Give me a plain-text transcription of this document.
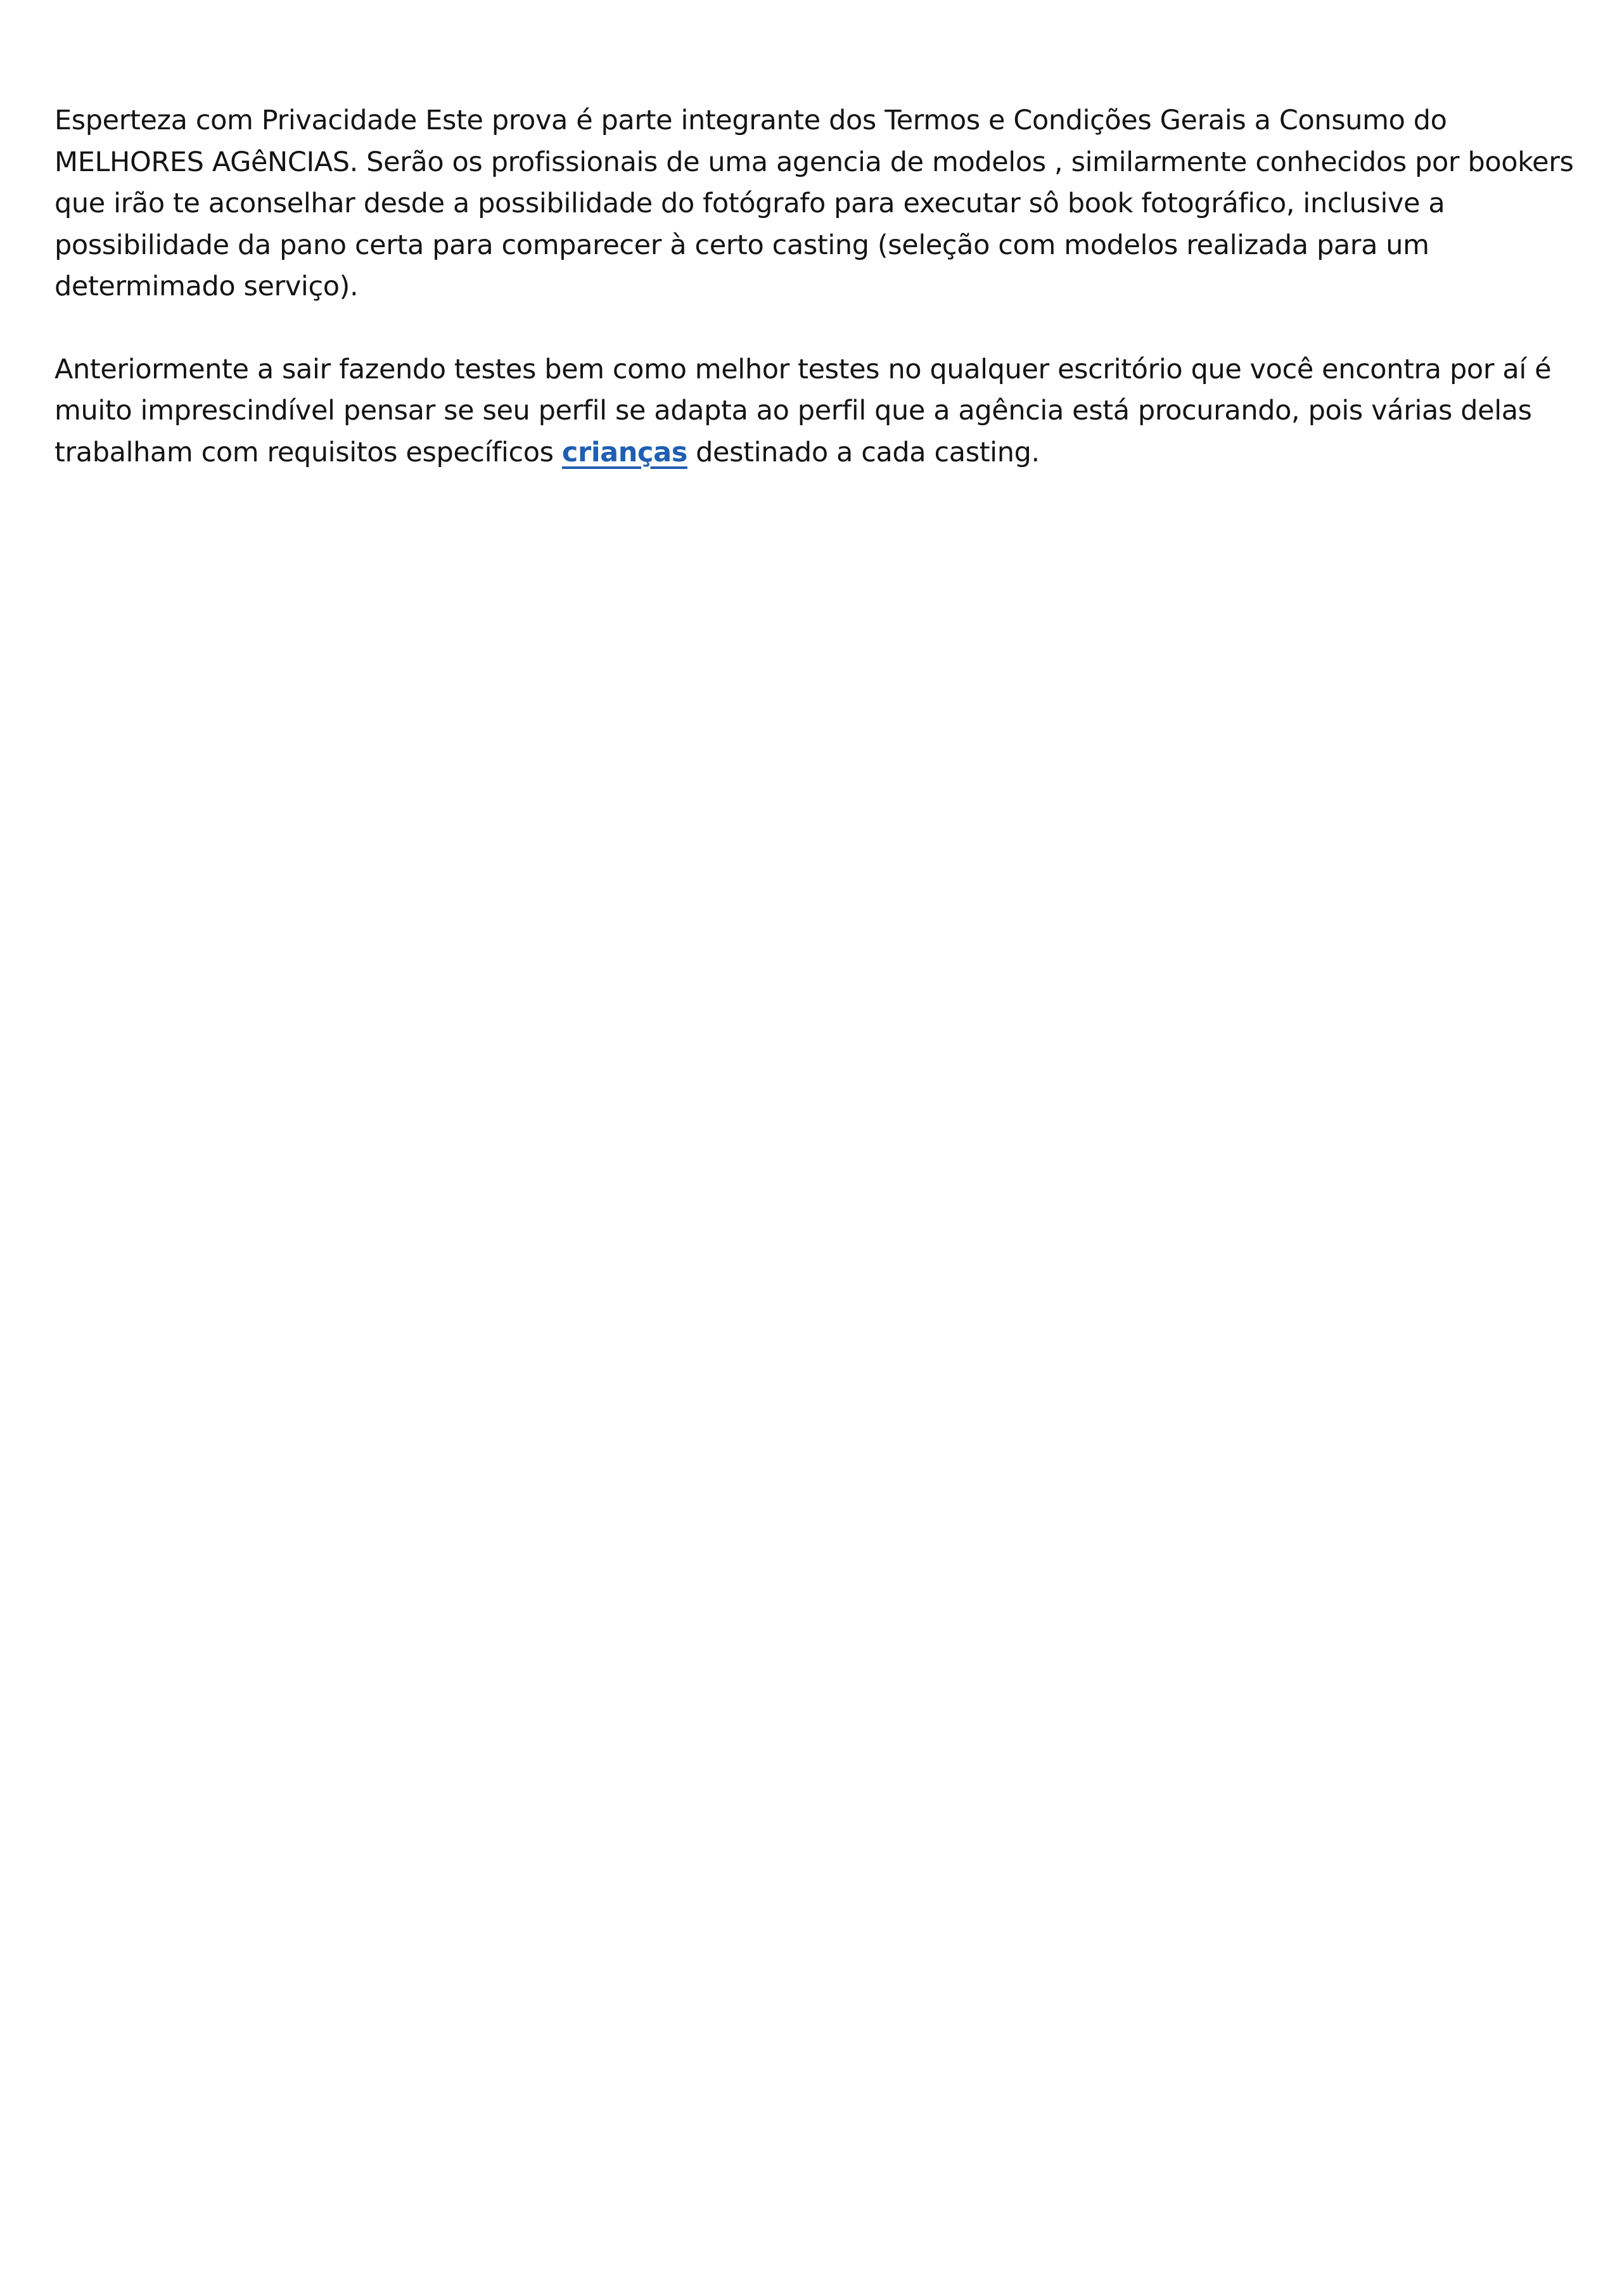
Esperteza com Privacidade Este prova é parte integrante dos Termos e Condições Gerais a Consumo do
MELHORES AGêNCIAS. Serão os profissionais de uma agencia de modelos , similarmente conhecidos por bookers
que irão te aconselhar desde a possibilidade do fotógrafo para executar sô book fotográfico, inclusive a
possibilidade da pano certa para comparecer à certo casting (seleção com modelos realizada para um
determimado serviço).

Anteriormente a sair fazendo testes bem como melhor testes no qualquer escritório que você encontra por aí é
muito imprescindível pensar se seu perfil se adapta ao perfil que a agência está procurando, pois várias delas
trabalham com requisitos específicos crianças destinado a cada casting.
